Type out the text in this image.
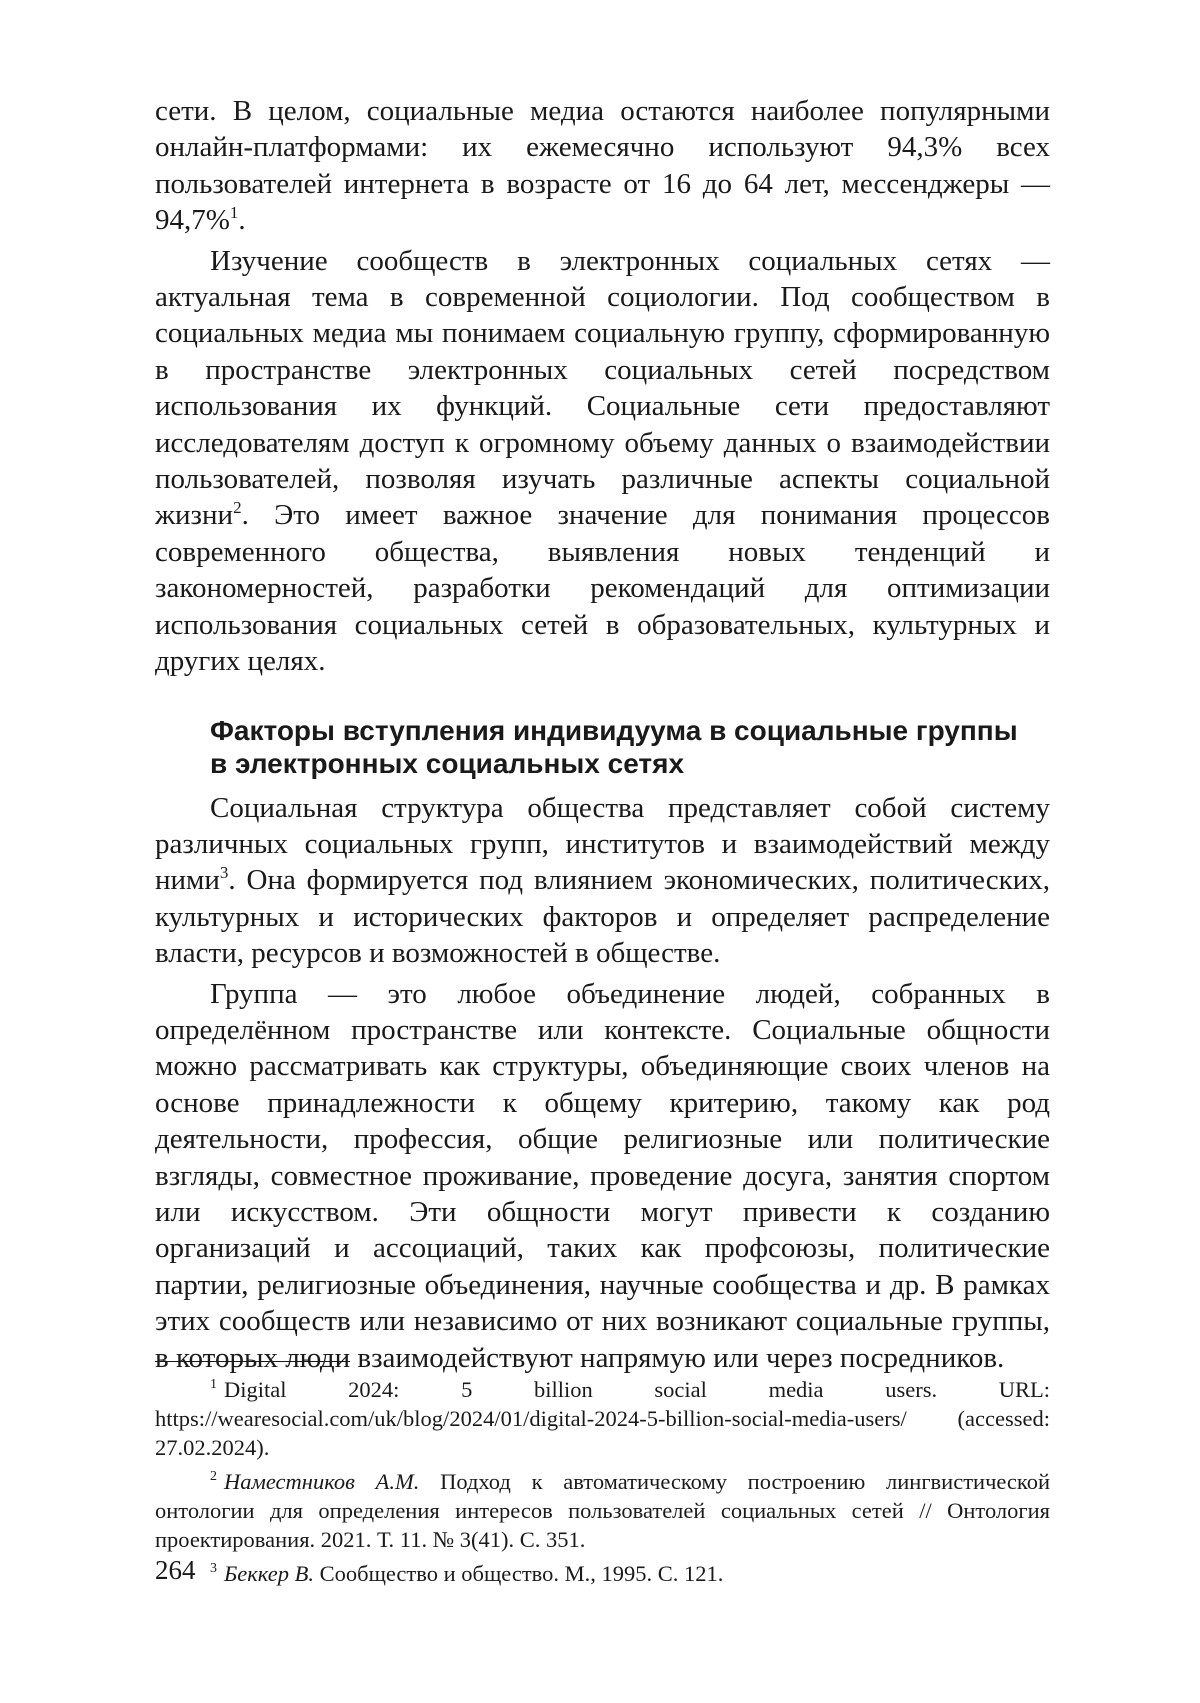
сети. В целом, социальные медиа остаются наиболее популярными онлайн-платформами: их ежемесячно используют 94,3% всех пользователей интернета в возрасте от 16 до 64 лет, мессенджеры — 94,7%$^1$.

Изучение сообществ в электронных социальных сетях — актуальная тема в современной социологии. Под сообществом в социальных медиа мы понимаем социальную группу, сформированную в пространстве электронных социальных сетей посредством использования их функций. Социальные сети предоставляют исследователям доступ к огромному объему данных о взаимодействии пользователей, позволяя изучать различные аспекты социальной жизни$^2$. Это имеет важное значение для понимания процессов современного общества, выявления новых тенденций и закономерностей, разработки рекомендаций для оптимизации использования социальных сетей в образовательных, культурных и других целях.

Факторы вступления индивидуума в социальные группы
в электронных социальных сетях

Социальная структура общества представляет собой систему различных социальных групп, институтов и взаимодействий между ними$^3$. Она формируется под влиянием экономических, политических, культурных и исторических факторов и определяет распределение власти, ресурсов и возможностей в обществе.

Группа — это любое объединение людей, собранных в определённом пространстве или контексте. Социальные общности можно рассматривать как структуры, объединяющие своих членов на основе принадлежности к общему критерию, такому как род деятельности, профессия, общие религиозные или политические взгляды, совместное проживание, проведение досуга, занятия спортом или искусством. Эти общности могут привести к созданию организаций и ассоциаций, таких как профсоюзы, политические партии, религиозные объединения, научные сообщества и др. В рамках этих сообществ или независимо от них возникают социальные группы, в которых люди взаимодействуют напрямую или через посредников.

$^1$ Digital 2024: 5 billion social media users. URL: https://wearesocial.com/uk/blog/2024/01/digital-2024-5-billion-social-media-users/ (accessed: 27.02.2024).

$^2$ Наместников А.М. Подход к автоматическому построению лингвистической онтологии для определения интересов пользователей социальных сетей // Онтология проектирования. 2021. Т. 11. № 3(41). С. 351.

$^3$ Беккер В. Сообщество и общество. М., 1995. С. 121.

264
